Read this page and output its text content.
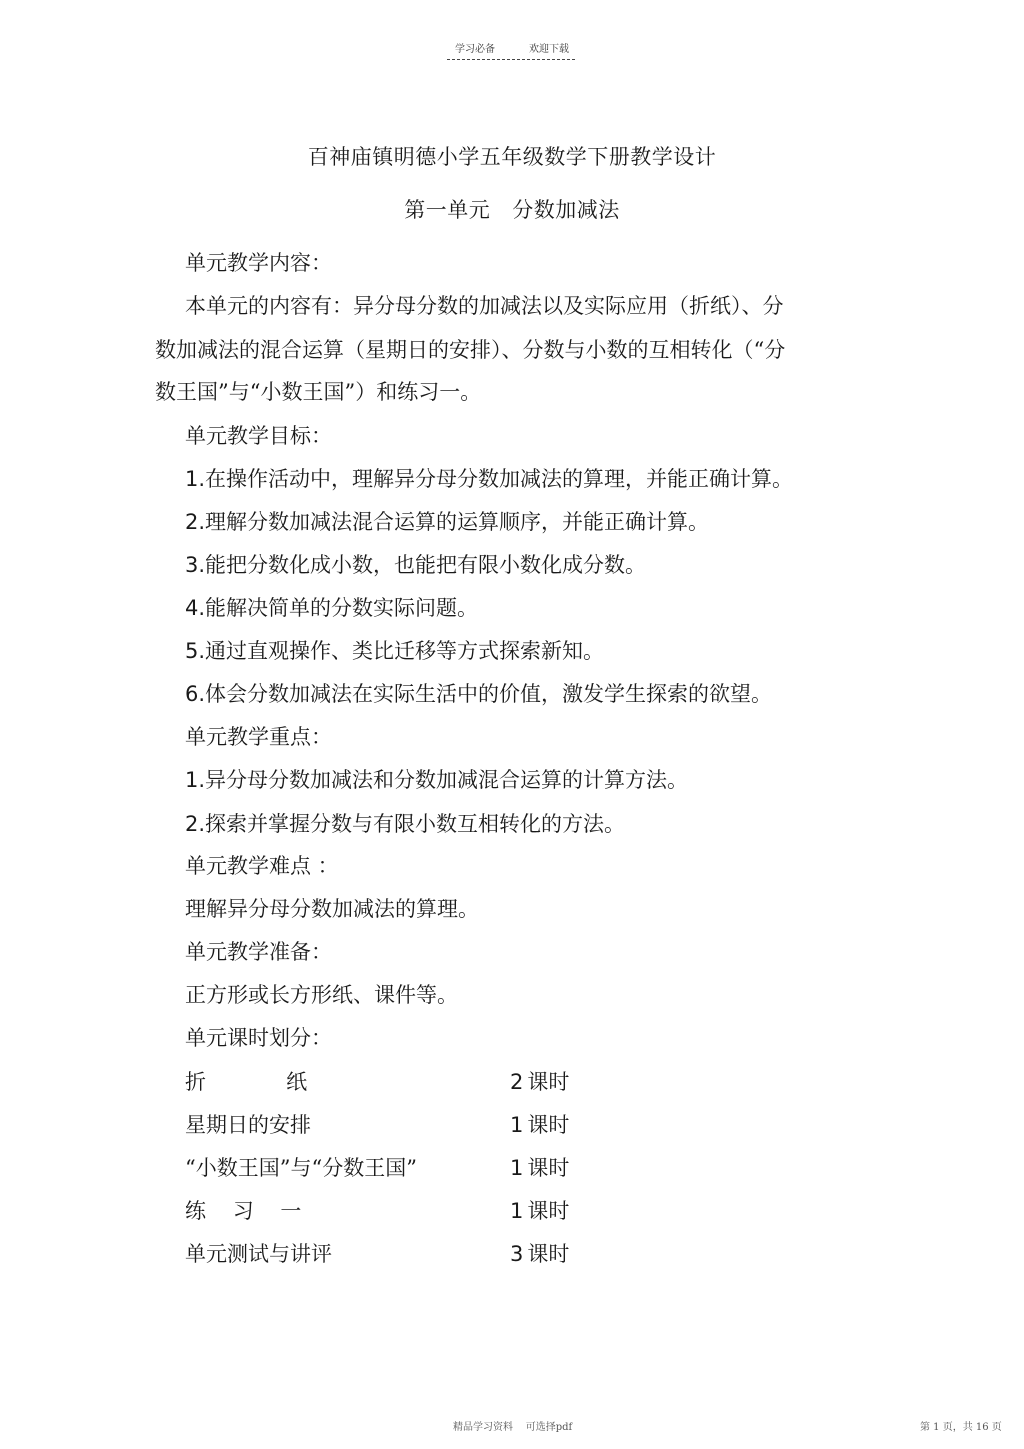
学习必备	欢迎下载
百神庙镇明德小学五年级数学下册教学设计
第一单元 分数加减法
单元教学内容：
本单元的内容有：异分母分数的加减法以及实际应用（折纸）、分
数加减法的混合运算（星期日的安排）、分数与小数的互相转化（“分
数王国”与“小数王国”）和练习一。
单元教学目标：
1.在操作活动中，理解异分母分数加减法的算理，并能正确计算。
2.理解分数加减法混合运算的运算顺序，并能正确计算。
3.能把分数化成小数，也能把有限小数化成分数。
4.能解决简单的分数实际问题。
5.通过直观操作、类比迁移等方式探索新知。
6.体会分数加减法在实际生活中的价值，激发学生探索的欲望。
单元教学重点：
1.异分母分数加减法和分数加减混合运算的计算方法。
2.探索并掌握分数与有限小数互相转化的方法。
单元教学难点 ：
理解异分母分数加减法的算理。
单元教学准备：
正方形或长方形纸、课件等。
单元课时划分：
折            纸	2 课时
星期日的安排	1 课时
“小数王国”与“分数王国”	1 课时
练    习    一	1 课时
单元测试与讲评	3 课时
精品学习资料    可选择pdf	第 1 页，共 16 页
